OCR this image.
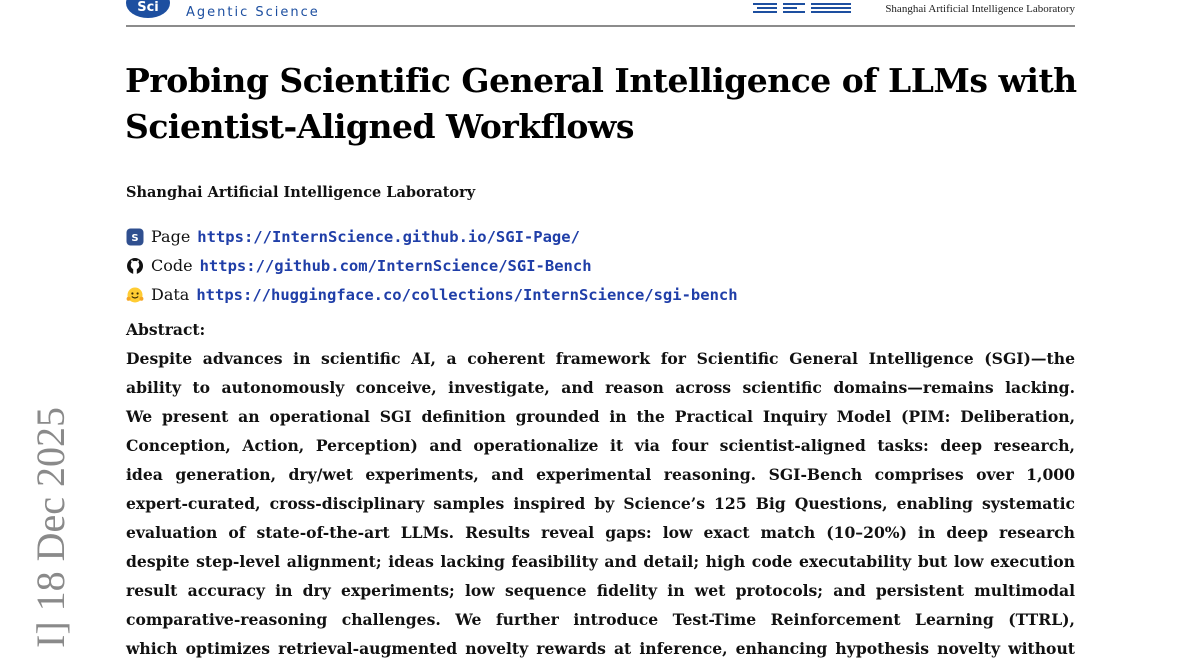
Sci	Agentic Science	Shanghai Artificial Intelligence Laboratory
I] 18 Dec 2025
Probing Scientific General Intelligence of LLMs with Scientist-Aligned Workflows
Shanghai Artificial Intelligence Laboratory
S Page https://InternScience.github.io/SGI-Page/
Code https://github.com/InternScience/SGI-Bench
Data https://huggingface.co/collections/InternScience/sgi-bench
Abstract:
Despite advances in scientific AI, a coherent framework for Scientific General Intelligence (SGI)—the
ability to autonomously conceive, investigate, and reason across scientific domains—remains lacking.
We present an operational SGI definition grounded in the Practical Inquiry Model (PIM: Deliberation,
Conception, Action, Perception) and operationalize it via four scientist-aligned tasks: deep research,
idea generation, dry/wet experiments, and experimental reasoning. SGI-Bench comprises over 1,000
expert-curated, cross-disciplinary samples inspired by Science’s 125 Big Questions, enabling systematic
evaluation of state-of-the-art LLMs. Results reveal gaps: low exact match (10–20%) in deep research
despite step-level alignment; ideas lacking feasibility and detail; high code executability but low execution
result accuracy in dry experiments; low sequence fidelity in wet protocols; and persistent multimodal
comparative-reasoning challenges. We further introduce Test-Time Reinforcement Learning (TTRL),
which optimizes retrieval-augmented novelty rewards at inference, enhancing hypothesis novelty without
